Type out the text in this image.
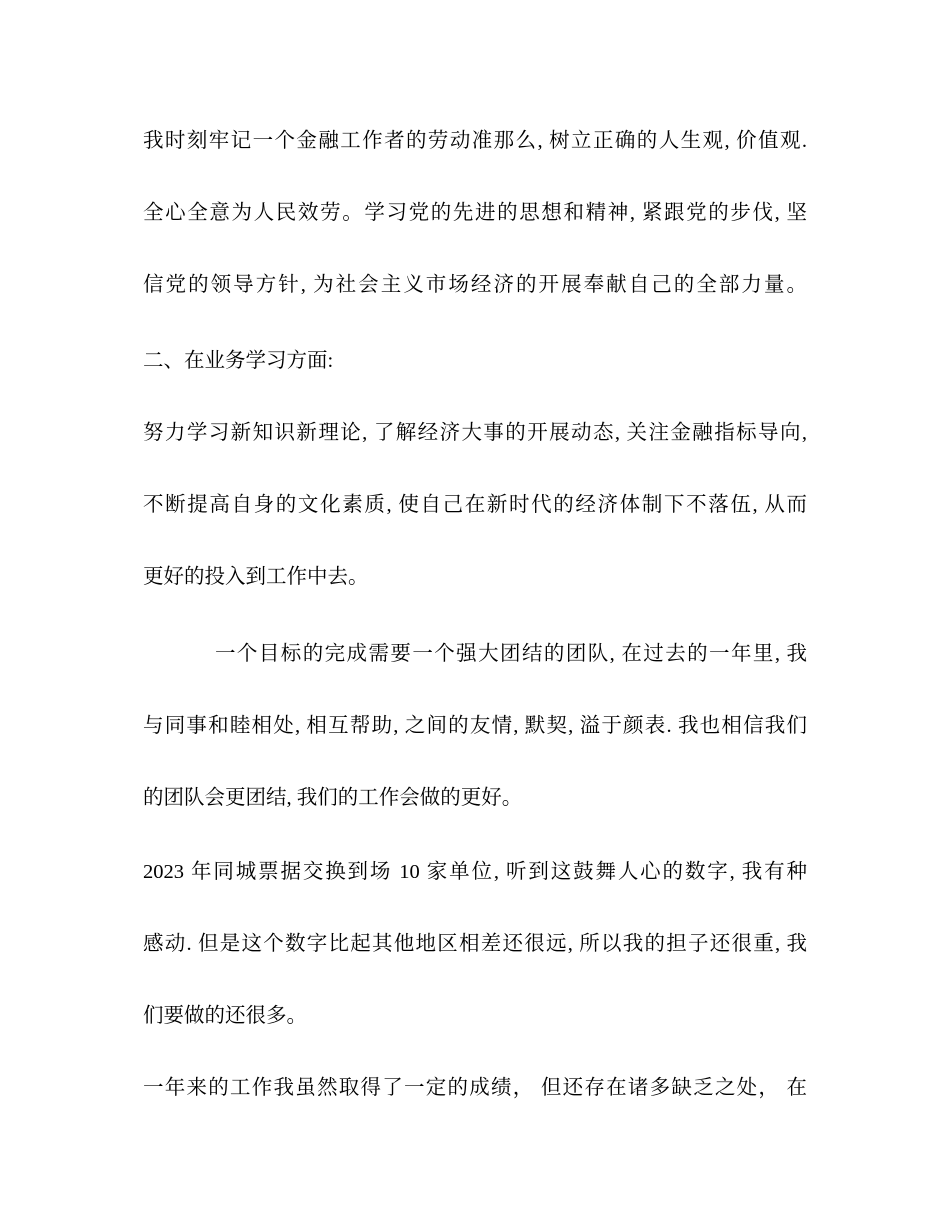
我时刻牢记一个金融工作者的劳动准那么, 树立正确的人生观, 价值观.
全心全意为人民效劳。学习党的先进的思想和精神, 紧跟党的步伐, 坚
信党的领导方针, 为社会主义市场经济的开展奉献自己的全部力量。
二、在业务学习方面:
努力学习新知识新理论, 了解经济大事的开展动态, 关注金融指标导向,
不断提高自身的文化素质, 使自己在新时代的经济体制下不落伍, 从而
更好的投入到工作中去。
一个目标的完成需要一个强大团结的团队, 在过去的一年里, 我
与同事和睦相处, 相互帮助, 之间的友情, 默契, 溢于颜表. 我也相信我们
的团队会更团结, 我们的工作会做的更好。
2023 年同城票据交换到场 10 家单位, 听到这鼓舞人心的数字, 我有种
感动. 但是这个数字比起其他地区相差还很远, 所以我的担子还很重, 我
们要做的还很多。
一年来的工作我虽然取得了一定的成绩， 但还存在诸多缺乏之处， 在
